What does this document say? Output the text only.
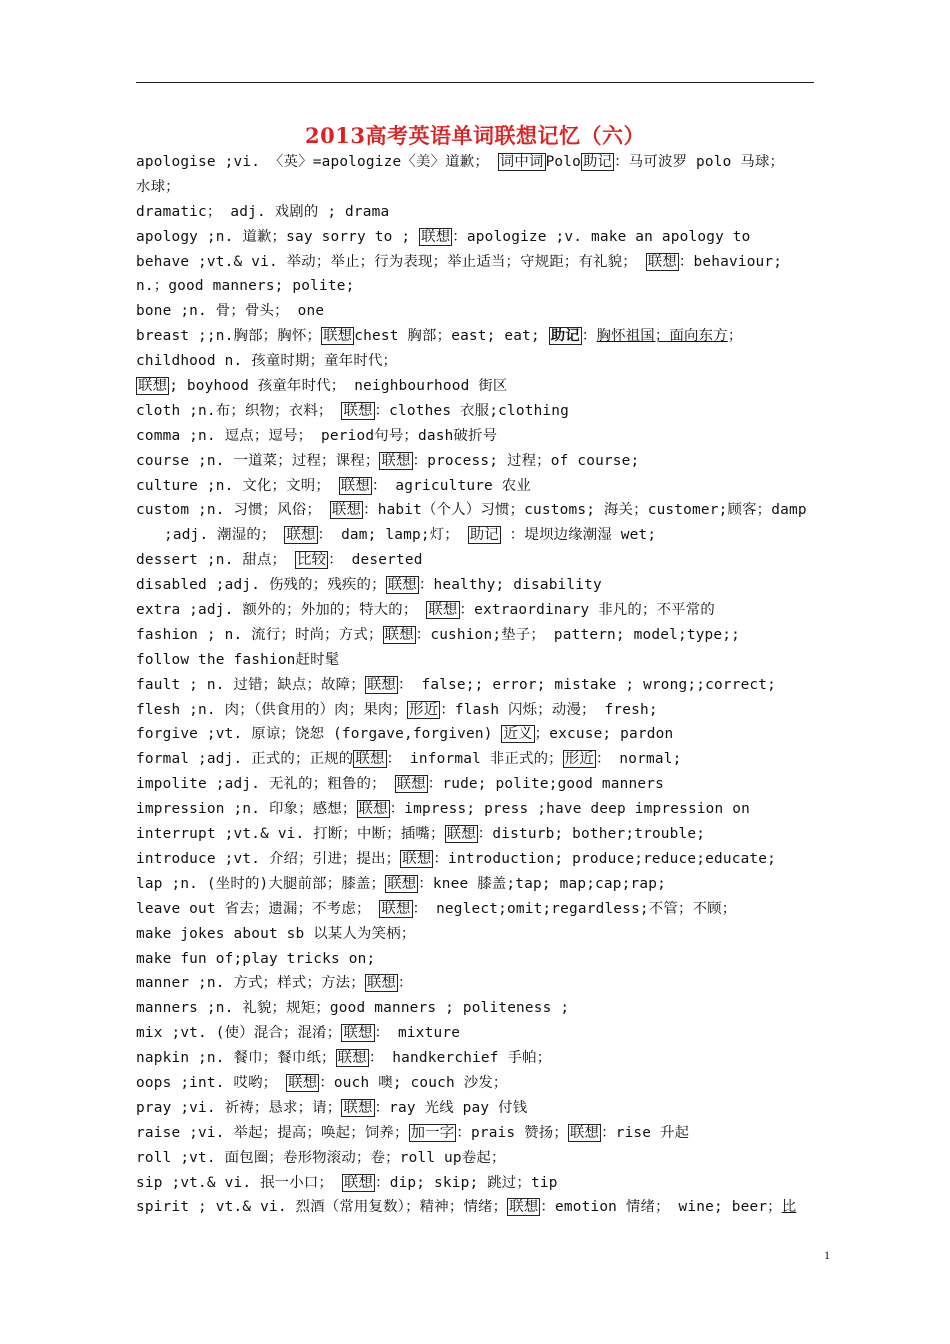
2013高考英语单词联想记忆（六）
apologise ;vi. 〈英〉=apologize〈美〉道歉； 词中词 Polo 助记 ：马可波罗 polo 马球；
水球；
dramatic； adj. 戏剧的 ; drama
apology ;n. 道歉；say sorry to ; 联想 ：apologize ;v. make an apology to
behave ;vt.& vi. 举动；举止；行为表现；举止适当；守规距；有礼貌； 联想 ：behaviour;
n.；good manners; polite;
bone ;n. 骨；骨头； one
breast ;;n.胸部；胸怀； 联想 chest 胸部；east; eat; 助记 ：胸怀祖国；面向东方；
childhood n. 孩童时期；童年时代；
联想 ; boyhood 孩童年时代； neighbourhood 街区
cloth ;n.布；织物；衣料； 联想 ：clothes 衣服;clothing
comma ;n. 逗点；逗号； period句号；dash破折号
course ;n. 一道菜；过程；课程； 联想 ：process; 过程；of course;
culture ;n. 文化；文明； 联想 ： agriculture 农业
custom ;n. 习惯；风俗； 联想 ：habit（个人）习惯；customs; 海关；customer;顾客；damp
;adj. 潮湿的； 联想 ： dam; lamp;灯； 助记 ：堤坝边缘潮湿 wet;
dessert ;n. 甜点； 比较 ： deserted
disabled ;adj. 伤残的；残疾的； 联想 ：healthy; disability
extra ;adj. 额外的；外加的；特大的； 联想 ：extraordinary 非凡的；不平常的
fashion ; n. 流行；时尚；方式； 联想 ：cushion;垫子； pattern; model;type;;
follow the fashion赶时髦
fault ; n. 过错；缺点；故障； 联想 ： false;; error; mistake ; wrong;;correct;
flesh ;n. 肉；（供食用的）肉；果肉； 形近 ：flash 闪烁；动漫； fresh;
forgive ;vt. 原谅；饶恕 (forgave,forgiven) 近义 ；excuse; pardon
formal ;adj. 正式的；正规的 联想 ： informal 非正式的； 形近 ： normal;
impolite ;adj. 无礼的；粗鲁的； 联想 ：rude; polite;good manners
impression ;n. 印象；感想； 联想 ：impress; press ;have deep impression on
interrupt ;vt.& vi. 打断；中断；插嘴； 联想 ：disturb; bother;trouble;
introduce ;vt. 介绍；引进；提出； 联想 ：introduction; produce;reduce;educate;
lap ;n. (坐时的)大腿前部；膝盖； 联想 ：knee 膝盖;tap; map;cap;rap;
leave out 省去；遗漏；不考虑； 联想 ： neglect;omit;regardless;不管；不顾；
make jokes about sb 以某人为笑柄；
make fun of;play tricks on;
manner ;n. 方式；样式；方法； 联想 ：
manners ;n. 礼貌；规矩；good manners ; politeness ;
mix ;vt. (使）混合；混淆； 联想 ： mixture
napkin ;n. 餐巾；餐巾纸； 联想 ： handkerchief 手帕；
oops ;int. 哎哟； 联想 ：ouch 噢; couch 沙发；
pray ;vi. 祈祷；恳求；请； 联想 ：ray 光线 pay 付钱
raise ;vi. 举起；提高；唤起；饲养； 加一字 ：prais 赞扬； 联想 ：rise 升起
roll ;vt. 面包圈；卷形物滚动；卷；roll up卷起；
sip ;vt.& vi. 抿一小口； 联想 ：dip; skip; 跳过；tip
spirit ; vt.& vi. 烈酒（常用复数）；精神；情绪； 联想 ：emotion 情绪； wine; beer；比
1
